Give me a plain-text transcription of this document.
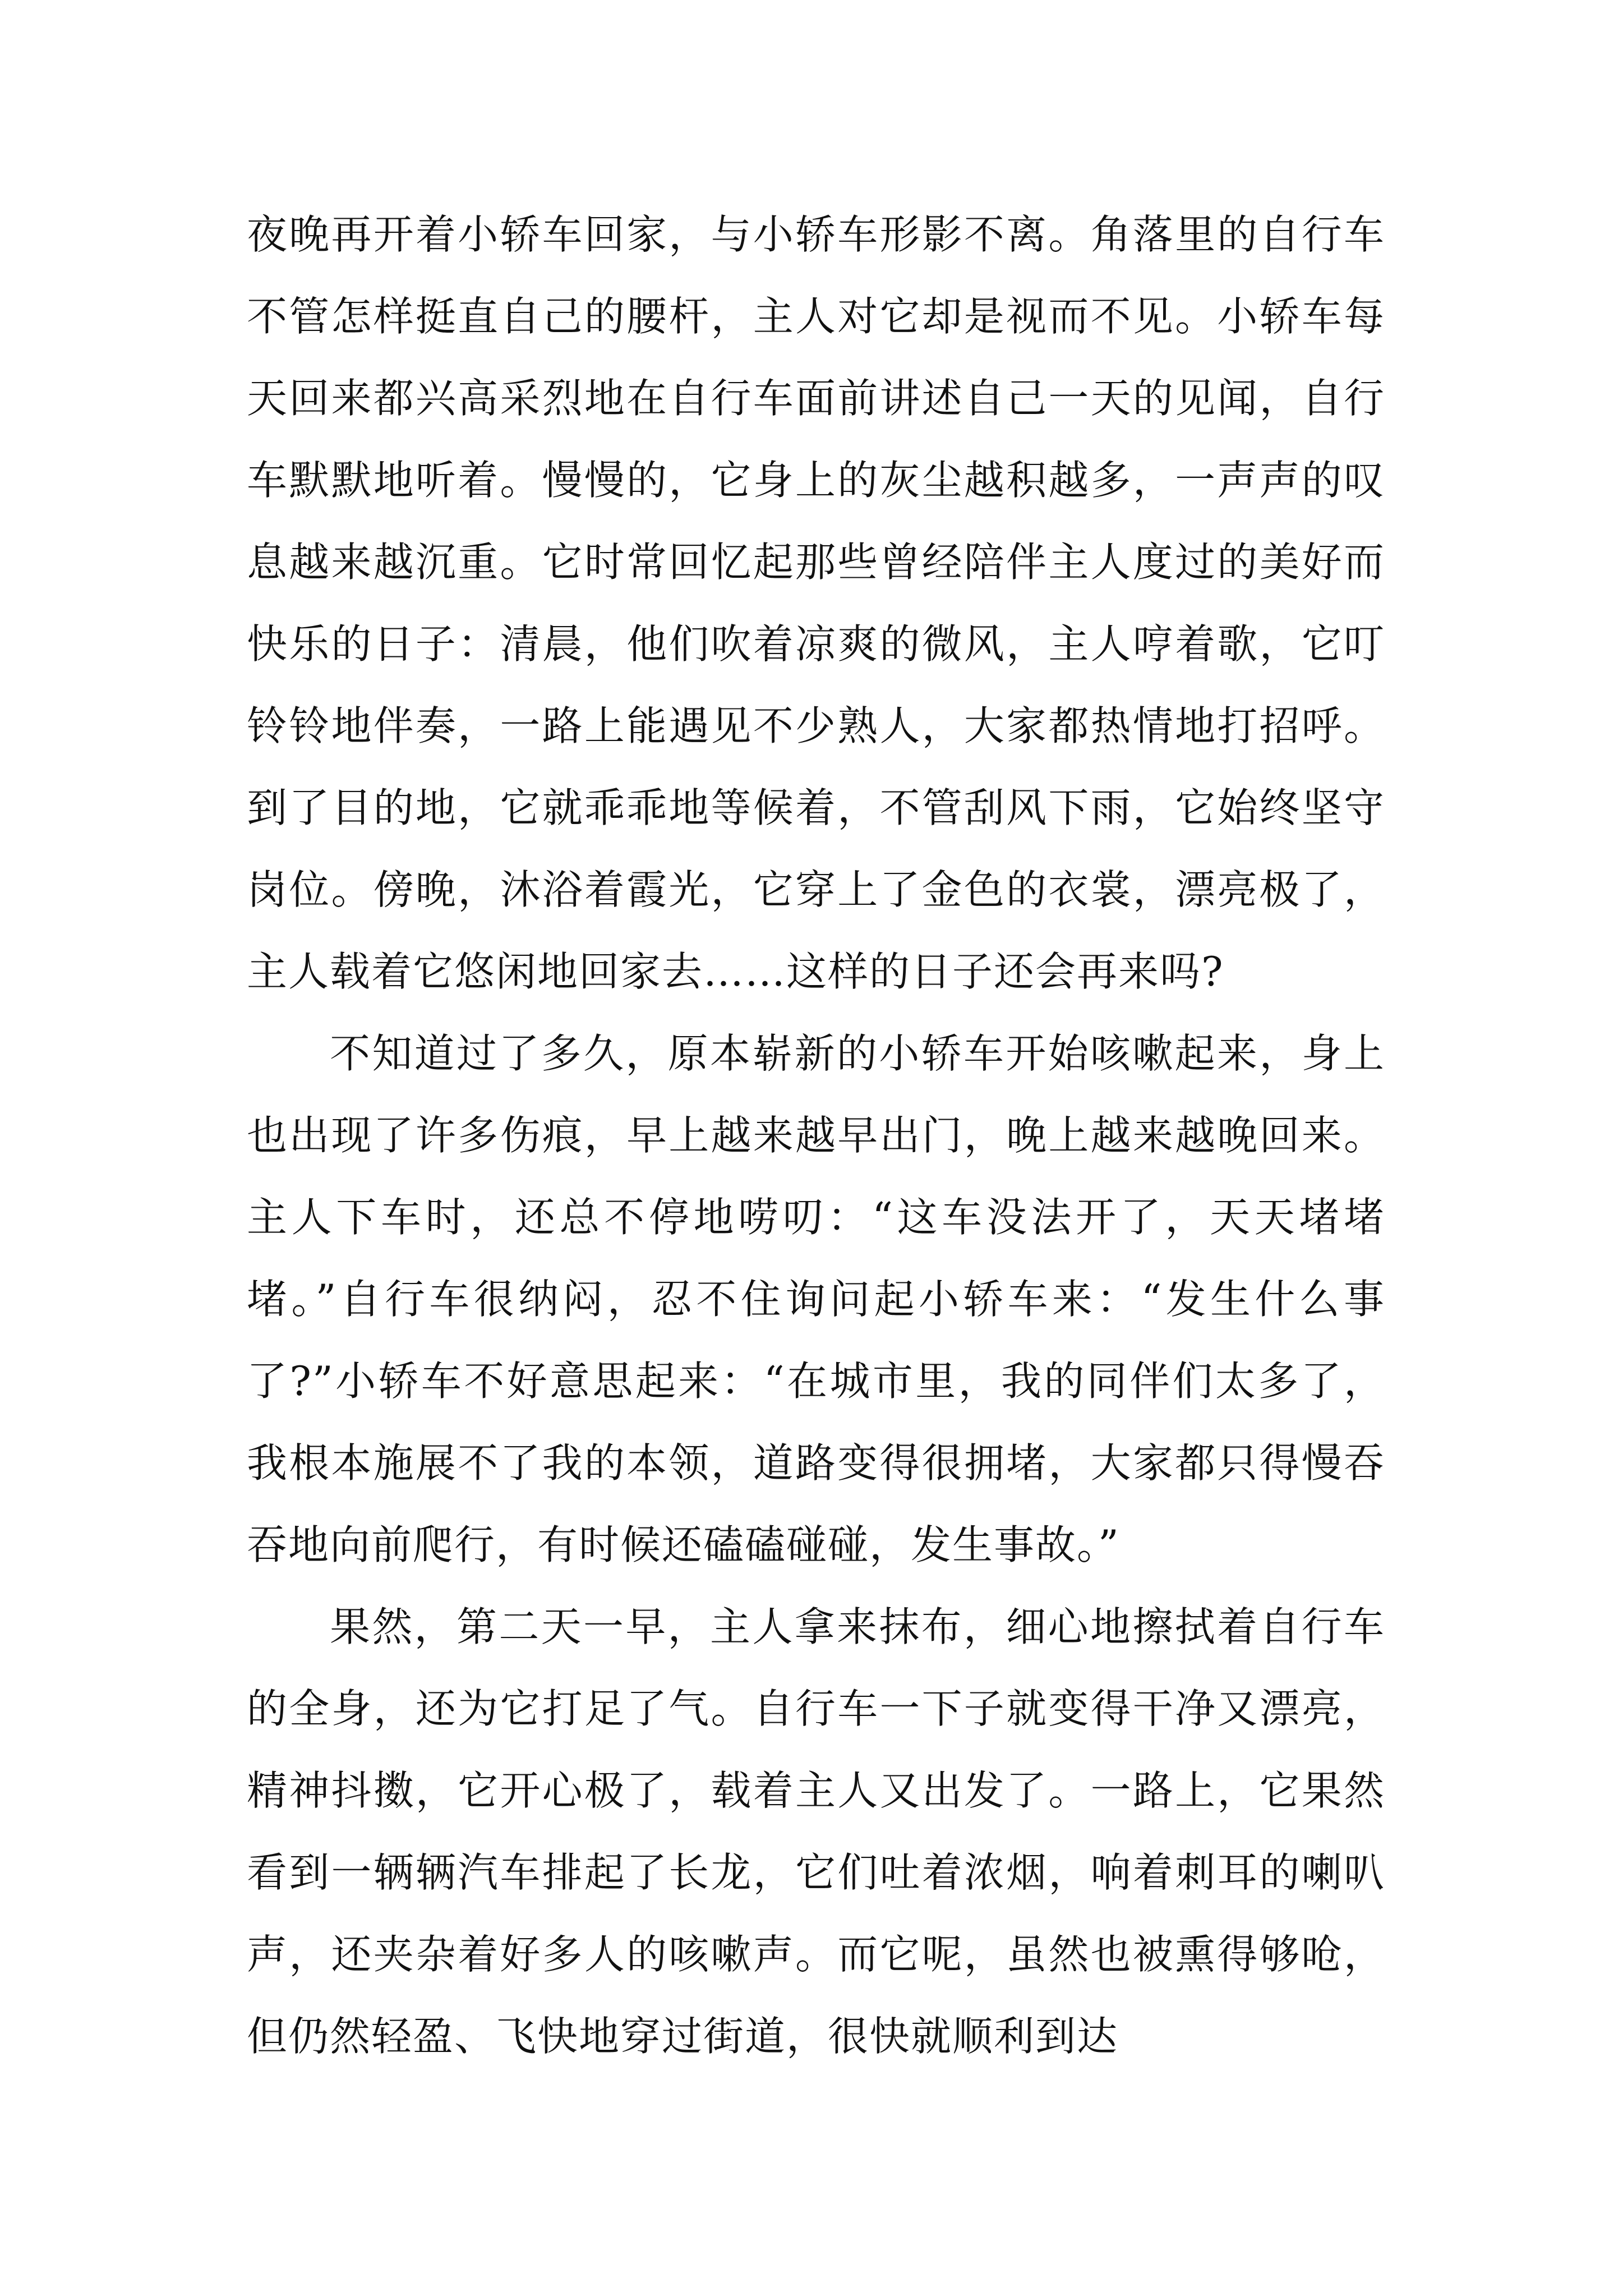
夜晚再开着小轿车回家，与小轿车形影不离。角落里的自行车不管怎样挺直自己的腰杆，主人对它却是视而不见。小轿车每天回来都兴高采烈地在自行车面前讲述自己一天的见闻，自行车默默地听着。慢慢的，它身上的灰尘越积越多，一声声的叹息越来越沉重。它时常回忆起那些曾经陪伴主人度过的美好而快乐的日子：清晨，他们吹着凉爽的微风，主人哼着歌，它叮铃铃地伴奏，一路上能遇见不少熟人，大家都热情地打招呼。到了目的地，它就乖乖地等候着，不管刮风下雨，它始终坚守岗位。傍晚，沐浴着霞光，它穿上了金色的衣裳，漂亮极了，主人载着它悠闲地回家去……这样的日子还会再来吗?

不知道过了多久，原本崭新的小轿车开始咳嗽起来，身上也出现了许多伤痕，早上越来越早出门，晚上越来越晚回来。主人下车时，还总不停地唠叨：“这车没法开了，天天堵堵堵。”自行车很纳闷，忍不住询问起小轿车来：“发生什么事了?”小轿车不好意思起来：“在城市里，我的同伴们太多了，我根本施展不了我的本领，道路变得很拥堵，大家都只得慢吞吞地向前爬行，有时候还磕磕碰碰，发生事故。”

果然，第二天一早，主人拿来抹布，细心地擦拭着自行车的全身，还为它打足了气。自行车一下子就变得干净又漂亮，精神抖擞，它开心极了，载着主人又出发了。一路上，它果然看到一辆辆汽车排起了长龙，它们吐着浓烟，响着刺耳的喇叭声，还夹杂着好多人的咳嗽声。而它呢，虽然也被熏得够呛，但仍然轻盈、飞快地穿过街道，很快就顺利到达
